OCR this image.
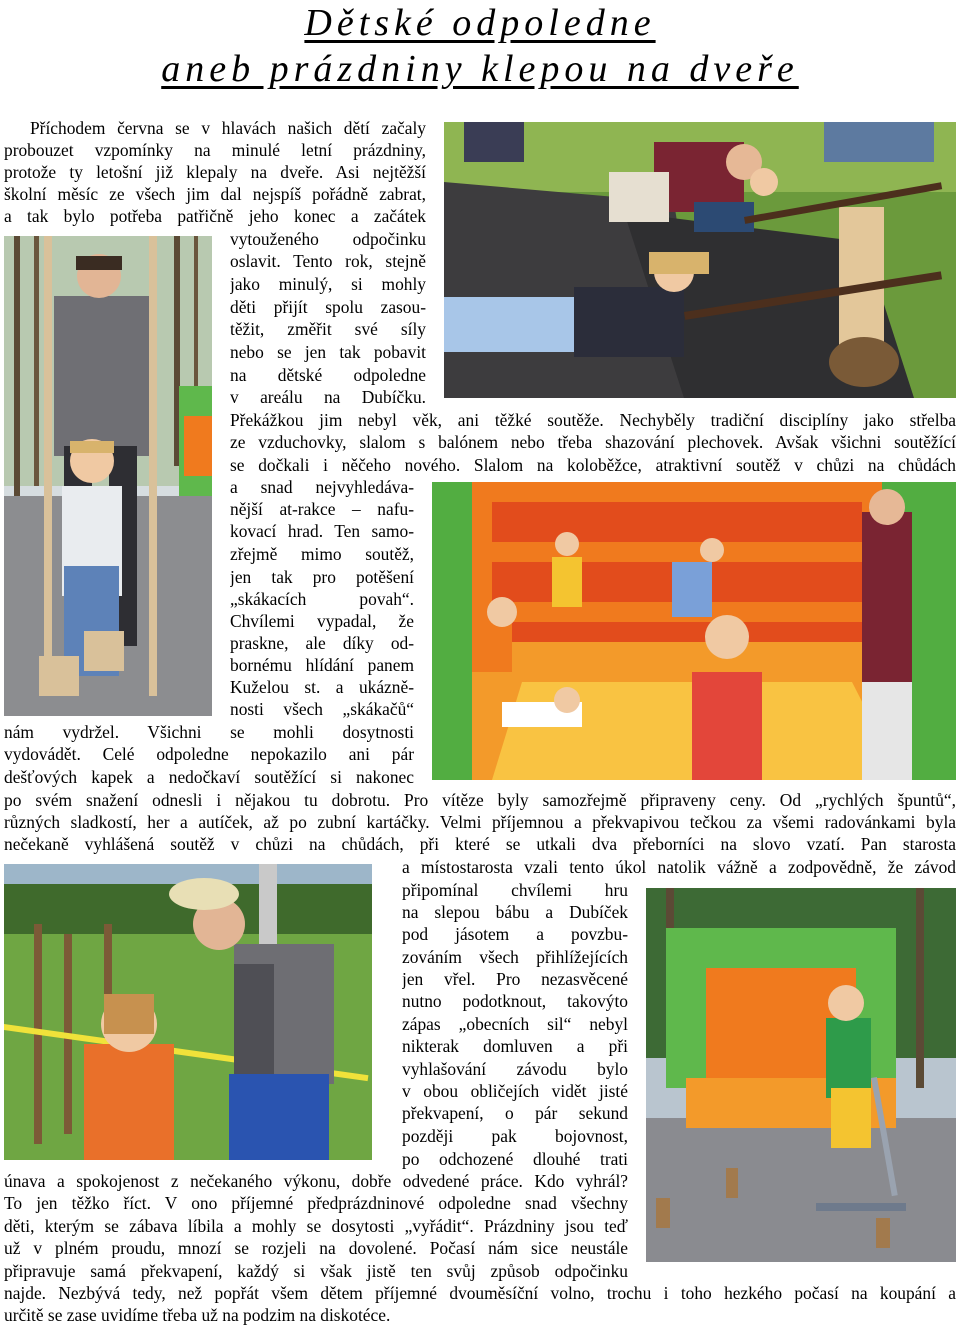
Dětské odpoledne
aneb prázdniny klepou na dveře
Příchodem června se v hlavách našich dětí začaly
probouzet vzpomínky na minulé letní prázdniny,
protože ty letošní již klepaly na dveře. Asi nejtěžší
školní měsíc ze všech jim dal nejspíš pořádně zabrat,
a tak bylo potřeba patřičně jeho konec a začátek
vytouženého odpočinku
oslavit. Tento rok, stejně
jako minulý, si mohly
děti přijít spolu zasou-
těžit, změřit své síly
nebo se jen tak pobavit
na dětské odpoledne
v areálu na Dubíčku.
Překážkou jim nebyl věk, ani těžké soutěže. Nechyběly tradiční disciplíny jako střelba
ze vzduchovky, slalom s balónem nebo třeba shazování plechovek. Avšak všichni soutěžící
se dočkali i něčeho nového. Slalom na koloběžce, atraktivní soutěž v chůzi na chůdách
a snad nejvyhledáva-
nější at-rakce – nafu-
kovací hrad. Ten samo-
zřejmě mimo soutěž,
jen tak pro potěšení
„skákacích povah“.
Chvílemi vypadal, že
praskne, ale díky od-
bornému hlídání panem
Kuželou st. a ukázně-
nosti všech „skákačů“
nám vydržel. Všichni se mohli dosytnosti
vydovádět. Celé odpoledne nepokazilo ani pár
dešťových kapek a nedočkaví soutěžící si nakonec
po svém snažení odnesli i nějakou tu dobrotu. Pro vítěze byly samozřejmě připraveny ceny. Od „rychlých špuntů“,
různých sladkostí, her a autíček, až po zubní kartáčky. Velmi příjemnou a překvapivou tečkou za všemi radovánkami byla
nečekaně vyhlášená soutěž v chůzi na chůdách, při které se utkali dva přeborníci na slovo vzatí. Pan starosta
a místostarosta vzali tento úkol natolik vážně a zodpovědně, že závod
připomínal chvílemi hru
na slepou bábu a Dubíček
pod jásotem a povzbu-
zováním všech přihlížejících
jen vřel. Pro nezasvěcené
nutno podotknout, takovýto
zápas „obecních sil“ nebyl
nikterak domluven a při
vyhlašování závodu bylo
v obou obličejích vidět jisté
překvapení, o pár sekund
později pak bojovnost,
po odchozené dlouhé trati
únava a spokojenost z nečekaného výkonu, dobře odvedené práce. Kdo vyhrál?
To jen těžko říct. V ono příjemné předprázdninové odpoledne snad všechny
děti, kterým se zábava líbila a mohly se dosytosti „vyřádit“. Prázdniny jsou teď
už v plném proudu, mnozí se rozjeli na dovolené. Počasí nám sice neustále
připravuje samá překvapení, každý si však jistě ten svůj způsob odpočinku
najde. Nezbývá tedy, než popřát všem dětem příjemné dvouměsíční volno, trochu i toho hezkého počasí na koupání a
určitě se zase uvidíme třeba už na podzim na diskotéce.
